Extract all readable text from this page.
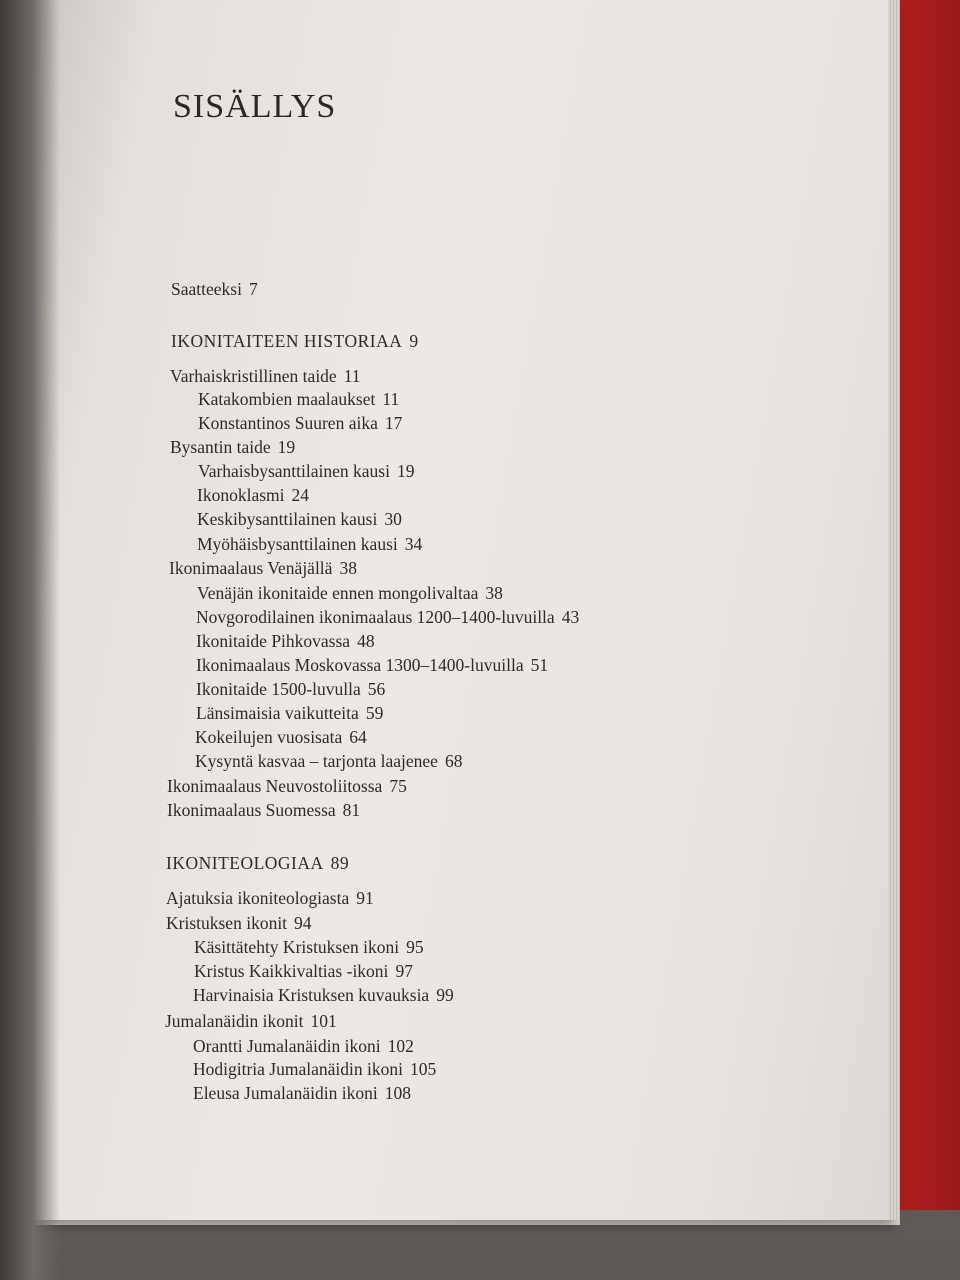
SISÄLLYS
Saatteeksi 7
IKONITAITEEN HISTORIAA 9
Varhaiskristillinen taide 11
Katakombien maalaukset 11
Konstantinos Suuren aika 17
Bysantin taide 19
Varhaisbysanttilainen kausi 19
Ikonoklasmi 24
Keskibysanttilainen kausi 30
Myöhäisbysanttilainen kausi 34
Ikonimaalaus Venäjällä 38
Venäjän ikonitaide ennen mongolivaltaa 38
Novgorodilainen ikonimaalaus 1200–1400-luvuilla 43
Ikonitaide Pihkovassa 48
Ikonimaalaus Moskovassa 1300–1400-luvuilla 51
Ikonitaide 1500-luvulla 56
Länsimaisia vaikutteita 59
Kokeilujen vuosisata 64
Kysyntä kasvaa – tarjonta laajenee 68
Ikonimaalaus Neuvostoliitossa 75
Ikonimaalaus Suomessa 81
IKONITEOLOGIAA 89
Ajatuksia ikoniteologiasta 91
Kristuksen ikonit 94
Käsittätehty Kristuksen ikoni 95
Kristus Kaikkivaltias -ikoni 97
Harvinaisia Kristuksen kuvauksia 99
Jumalanäidin ikonit 101
Orantti Jumalanäidin ikoni 102
Hodigitria Jumalanäidin ikoni 105
Eleusa Jumalanäidin ikoni 108
